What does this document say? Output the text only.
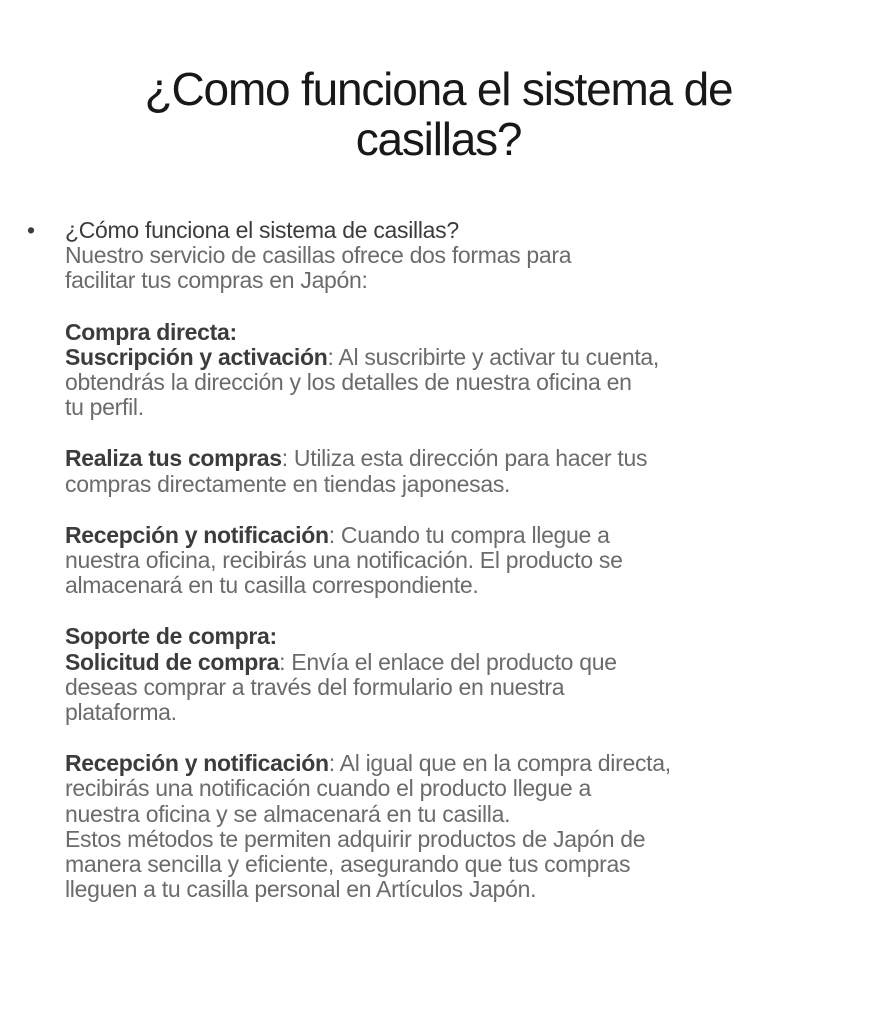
¿Como funciona el sistema de
casillas?
• ¿Cómo funciona el sistema de casillas?
Nuestro servicio de casillas ofrece dos formas para
facilitar tus compras en Japón:
Compra directa:
Suscripción y activación: Al suscribirte y activar tu cuenta,
obtendrás la dirección y los detalles de nuestra oficina en
tu perfil.
Realiza tus compras: Utiliza esta dirección para hacer tus
compras directamente en tiendas japonesas.
Recepción y notificación: Cuando tu compra llegue a
nuestra oficina, recibirás una notificación. El producto se
almacenará en tu casilla correspondiente.
Soporte de compra:
Solicitud de compra: Envía el enlace del producto que
deseas comprar a través del formulario en nuestra
plataforma.
Recepción y notificación: Al igual que en la compra directa,
recibirás una notificación cuando el producto llegue a
nuestra oficina y se almacenará en tu casilla.
Estos métodos te permiten adquirir productos de Japón de
manera sencilla y eficiente, asegurando que tus compras
lleguen a tu casilla personal en Artículos Japón.
